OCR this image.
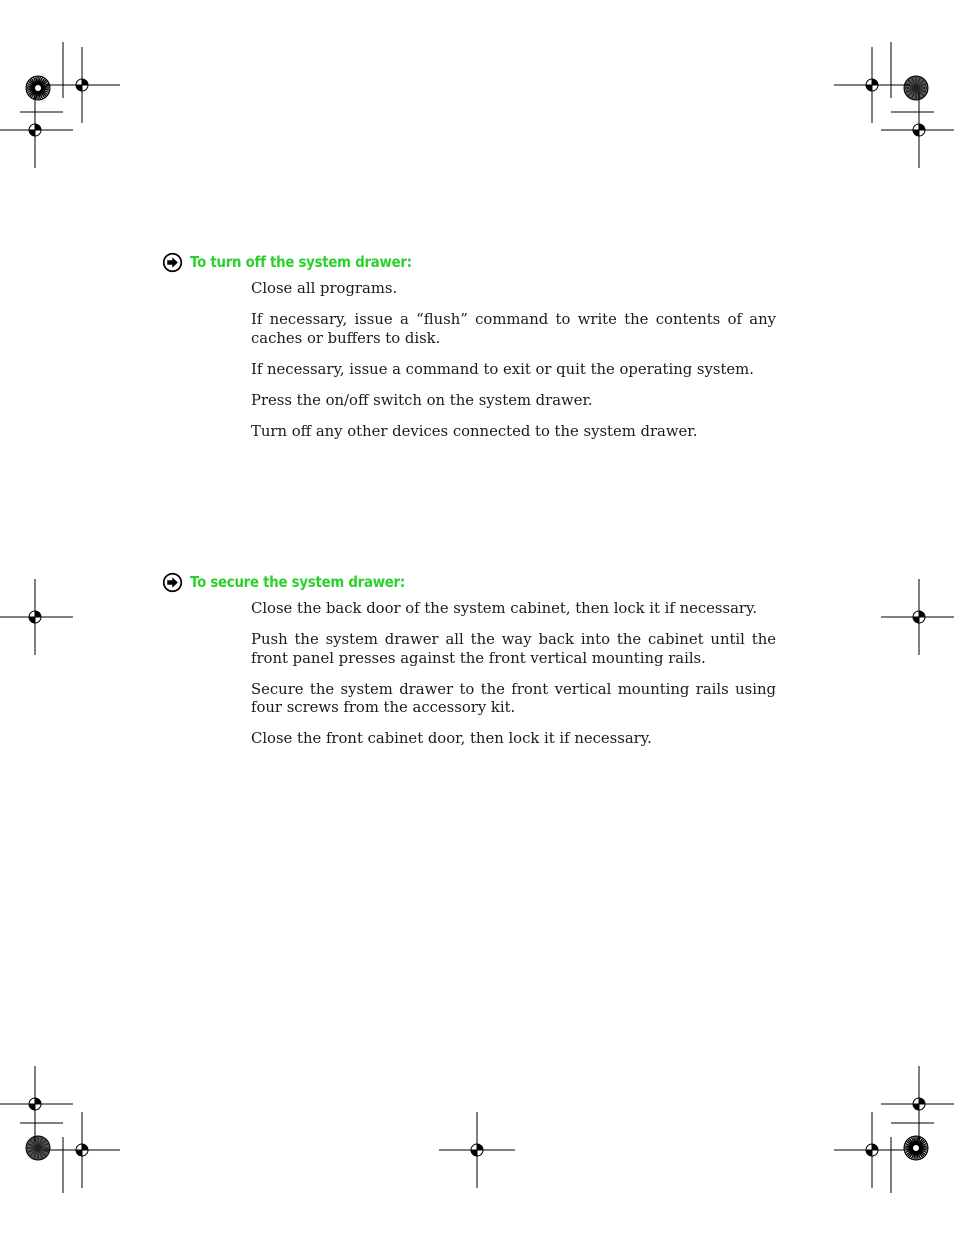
To turn off the system drawer:
Close all programs.
If necessary, issue a “flush” command to write the contents of any caches or buffers to disk.
If necessary, issue a command to exit or quit the operating system.
Press the on/off switch on the system drawer.
Turn off any other devices connected to the system drawer.
To secure the system drawer:
Close the back door of the system cabinet, then lock it if necessary.
Push the system drawer all the way back into the cabinet until the front panel presses against the front vertical mounting rails.
Secure the system drawer to the front vertical mounting rails using four screws from the accessory kit.
Close the front cabinet door, then lock it if necessary.
